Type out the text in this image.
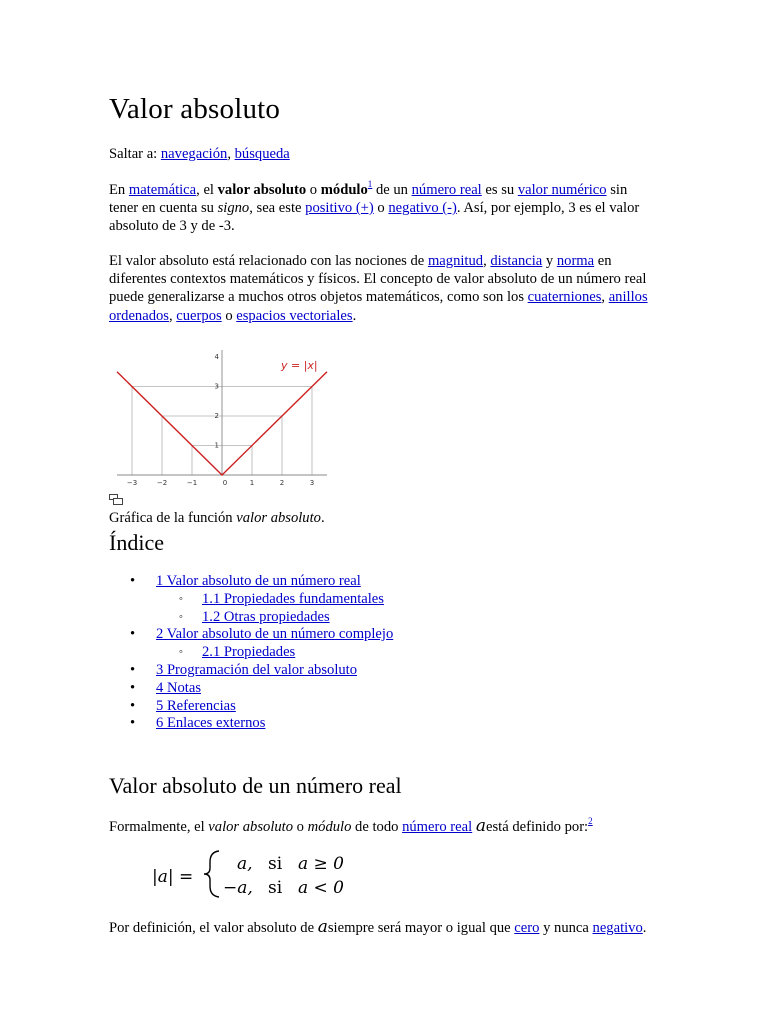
Valor absoluto

Saltar a: navegación, búsqueda

En matemática, el valor absoluto o módulo$^1$ de un número real es su valor numérico sin tener en cuenta su signo, sea este positivo (+) o negativo (-). Así, por ejemplo, 3 es el valor absoluto de 3 y de -3.

El valor absoluto está relacionado con las nociones de magnitud, distancia y norma en diferentes contextos matemáticos y físicos. El concepto de valor absoluto de un número real puede generalizarse a muchos otros objetos matemáticos, como son los cuaterniones, anillos ordenados, cuerpos o espacios vectoriales.

−3	−2	−1	0	1	2	3
1
2
3
4
y = |x|

Gráfica de la función valor absoluto.

Índice
• 1 Valor absoluto de un número real
◦ 1.1 Propiedades fundamentales
◦ 1.2 Otras propiedades
• 2 Valor absoluto de un número complejo
◦ 2.1 Propiedades
• 3 Programación del valor absoluto
• 4 Notas
• 5 Referencias
• 6 Enlaces externos
Valor absoluto de un número real

Formalmente, el valor absoluto o módulo de todo número real aestá definido por:$^2$

|a| =
a, si a ≥ 0
−a, si a < 0

Por definición, el valor absoluto de asiempre será mayor o igual que cero y nunca negativo.
